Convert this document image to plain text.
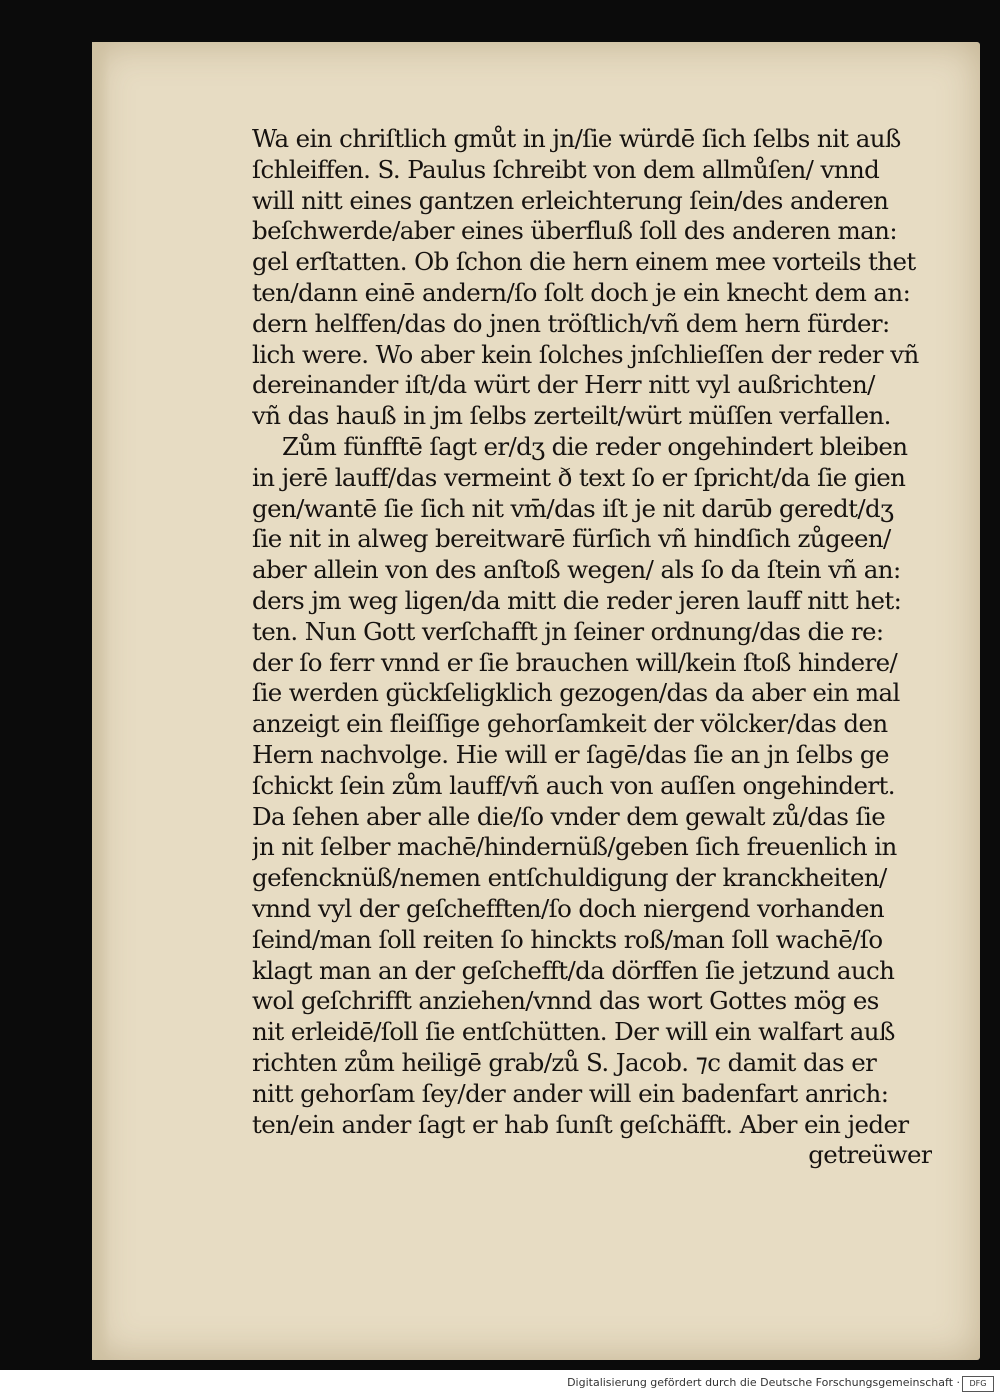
Wa ein chriſtlich gmůt in jn/ſie würdē ſich ſelbs nit auß
ſchleiffen. S. Paulus ſchreibt von dem allmůſen/ vnnd
will nitt eines gantzen erleichterung ſein/des anderen
beſchwerde/aber eines überfluß ſoll des anderen man:
gel erſtatten. Ob ſchon die hern einem mee vorteils thet
ten/dann einē andern/ſo ſolt doch je ein knecht dem an:
dern helffen/das do jnen tröſtlich/vñ dem hern fürder:
lich were. Wo aber kein ſolches jnſchlieſſen der reder vñ
dereinander iſt/da würt der Herr nitt vyl außrichten/
vñ das hauß in jm ſelbs zerteilt/würt müſſen verfallen.
Zům fünfftē ſagt er/dʒ die reder ongehindert bleiben
in jerē lauff/das vermeint ð text ſo er ſpricht/da ſie gien
gen/wantē ſie ſich nit vm̄/das iſt je nit darūb geredt/dʒ
ſie nit in alweg bereitwarē fürſich vñ hindſich zůgeen/
aber allein von des anſtoß wegen/ als ſo da ſtein vñ an:
ders jm weg ligen/da mitt die reder jeren lauff nitt het:
ten. Nun Gott verſchafft jn ſeiner ordnung/das die re:
der ſo ferr vnnd er ſie brauchen will/kein ſtoß hindere/
ſie werden gückſeligklich gezogen/das da aber ein mal
anzeigt ein fleiſſige gehorſamkeit der völcker/das den
Hern nachvolge. Hie will er ſagē/das ſie an jn ſelbs ge
ſchickt ſein zům lauff/vñ auch von auſſen ongehindert.
Da ſehen aber alle die/ſo vnder dem gewalt zů/das ſie
jn nit ſelber machē/hindernüß/geben ſich freuenlich in
gefencknüß/nemen entſchuldigung der kranckheiten/
vnnd vyl der geſchefften/ſo doch niergend vorhanden
ſeind/man ſoll reiten ſo hinckts roß/man ſoll wachē/ſo
klagt man an der geſchefft/da dörffen ſie jetzund auch
wol geſchrifft anziehen/vnnd das wort Gottes mög es
nit erleidē/ſoll ſie entſchütten. Der will ein walfart auß
richten zům heiligē grab/zů S. Jacob. ⁊c damit das er
nitt gehorſam ſey/der ander will ein badenfart anrich:
ten/ein ander ſagt er hab ſunſt geſchäfft. Aber ein jeder
getreüwer
Digitalisierung gefördert durch die Deutsche Forschungsgemeinschaft ·	DFG
